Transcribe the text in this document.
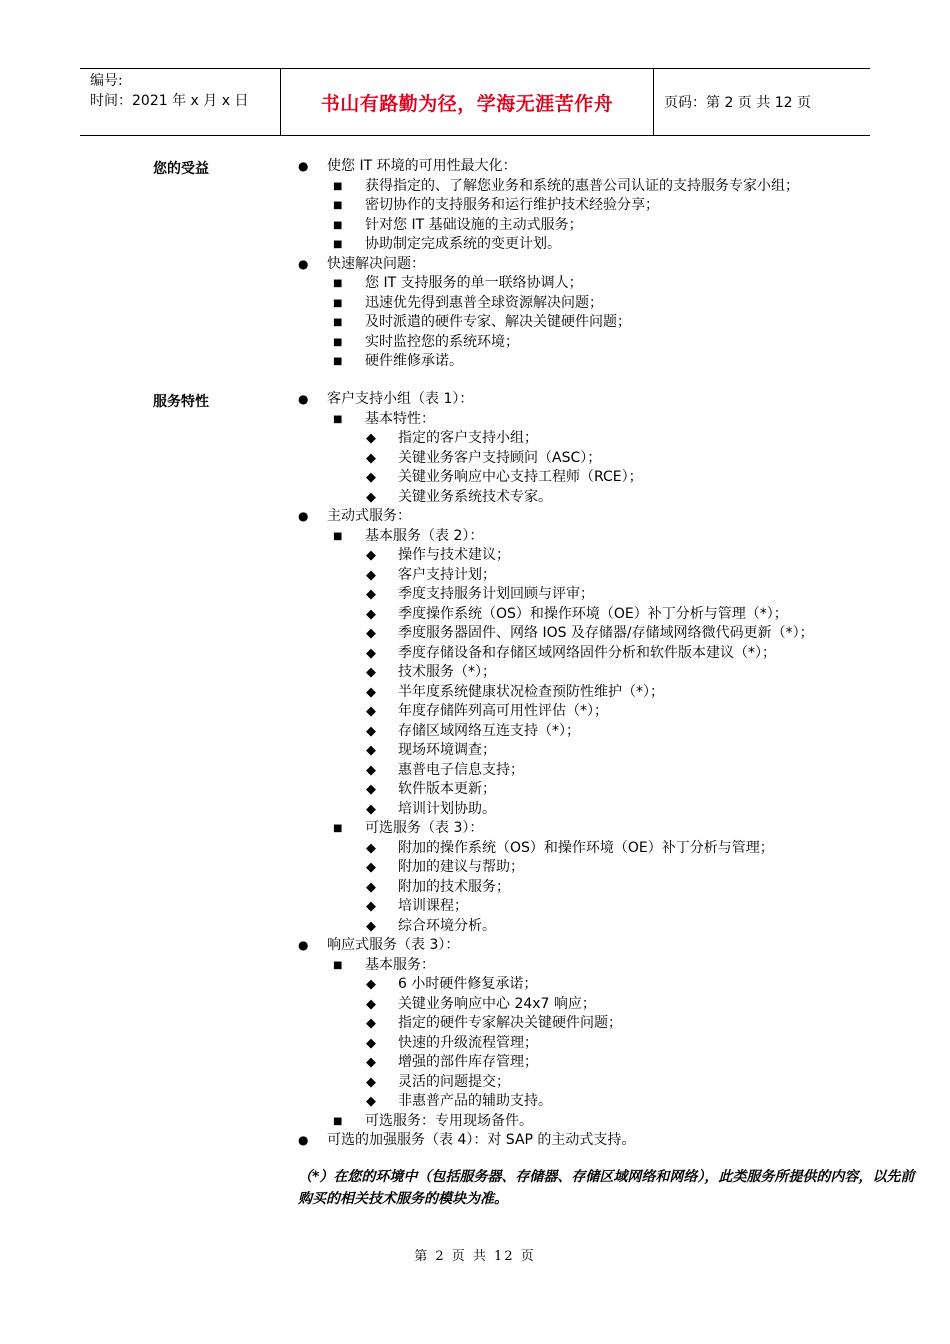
编号:
时间：2021 年 x 月 x 日	书山有路勤为径，学海无涯苦作舟	页码：第 2 页 共 12 页
您的受益	● 使您 IT 环境的可用性最大化：
■ 获得指定的、了解您业务和系统的惠普公司认证的支持服务专家小组；
■ 密切协作的支持服务和运行维护技术经验分享；
■ 针对您 IT 基础设施的主动式服务；
■ 协助制定完成系统的变更计划。
● 快速解决问题：
■ 您 IT 支持服务的单一联络协调人；
■ 迅速优先得到惠普全球资源解决问题；
■ 及时派遣的硬件专家、解决关键硬件问题；
■ 实时监控您的系统环境；
■ 硬件维修承诺。
服务特性	● 客户支持小组（表 1）：
■ 基本特性：
◆ 指定的客户支持小组；
◆ 关键业务客户支持顾问（ASC）；
◆ 关键业务响应中心支持工程师（RCE）；
◆ 关键业务系统技术专家。
● 主动式服务：
■ 基本服务（表 2）：
◆ 操作与技术建议；
◆ 客户支持计划；
◆ 季度支持服务计划回顾与评审；
◆ 季度操作系统（OS）和操作环境（OE）补丁分析与管理（*）；
◆ 季度服务器固件、网络 IOS 及存储器/存储域网络微代码更新（*）；
◆ 季度存储设备和存储区域网络固件分析和软件版本建议（*）；
◆ 技术服务（*）；
◆ 半年度系统健康状况检查预防性维护（*）；
◆ 年度存储阵列高可用性评估（*）；
◆ 存储区域网络互连支持（*）；
◆ 现场环境调查；
◆ 惠普电子信息支持；
◆ 软件版本更新；
◆ 培训计划协助。
■ 可选服务（表 3）：
◆ 附加的操作系统（OS）和操作环境（OE）补丁分析与管理；
◆ 附加的建议与帮助；
◆ 附加的技术服务；
◆ 培训课程；
◆ 综合环境分析。
● 响应式服务（表 3）：
■ 基本服务：
◆ 6 小时硬件修复承诺；
◆ 关键业务响应中心 24x7 响应；
◆ 指定的硬件专家解决关键硬件问题；
◆ 快速的升级流程管理；
◆ 增强的部件库存管理；
◆ 灵活的问题提交；
◆ 非惠普产品的辅助支持。
■ 可选服务：专用现场备件。
● 可选的加强服务（表 4）：对 SAP 的主动式支持。
（*）在您的环境中（包括服务器、存储器、存储区域网络和网络），此类服务所提供的内容，以先前购买的相关技术服务的模块为准。
第 2 页 共 12 页
